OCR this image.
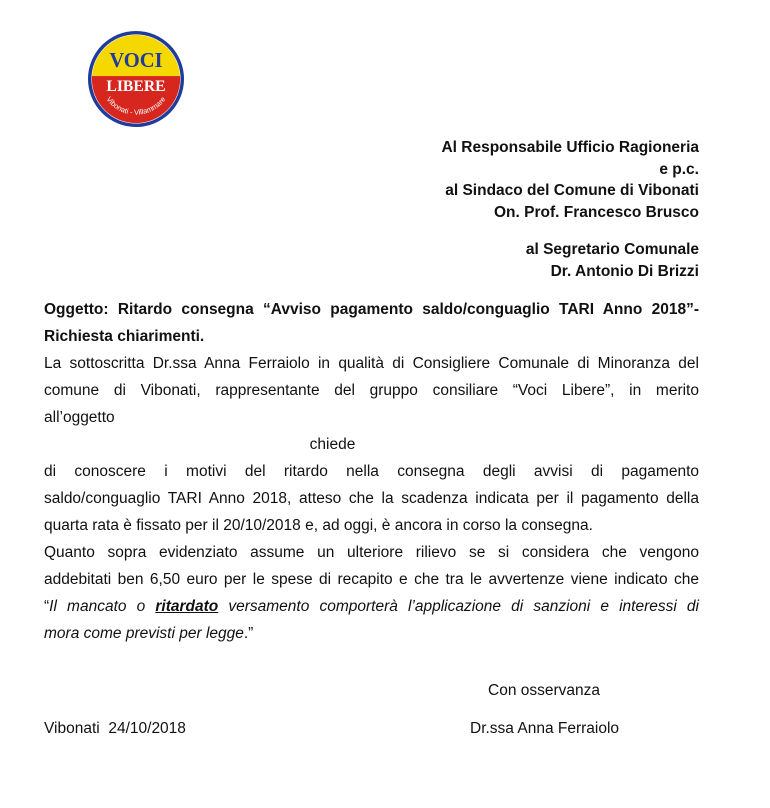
VOCI
LIBERE
Vibonati - Villammare
Al Responsabile Ufficio Ragioneria
e p.c.
al Sindaco del Comune di Vibonati
On. Prof. Francesco Brusco
al Segretario Comunale
Dr. Antonio Di Brizzi
Oggetto: Ritardo consegna “Avviso pagamento saldo/conguaglio TARI Anno 2018”-
Richiesta chiarimenti.
La sottoscritta Dr.ssa Anna Ferraiolo in qualità di Consigliere Comunale di Minoranza del
comune di Vibonati, rappresentante del gruppo consiliare “Voci Libere”, in merito
all’oggetto
chiede
di conoscere i motivi del ritardo nella consegna degli avvisi di pagamento
saldo/conguaglio TARI Anno 2018, atteso che la scadenza indicata per il pagamento della
quarta rata è fissato per il 20/10/2018 e, ad oggi, è ancora in corso la consegna.
Quanto sopra evidenziato assume un ulteriore rilievo se si considera che vengono
addebitati ben 6,50 euro per le spese di recapito e che tra le avvertenze viene indicato che
“Il mancato o ritardato versamento comporterà l’applicazione di sanzioni e interessi di
mora come previsti per legge.”
Con osservanza
Vibonati  24/10/2018	Dr.ssa Anna Ferraiolo
